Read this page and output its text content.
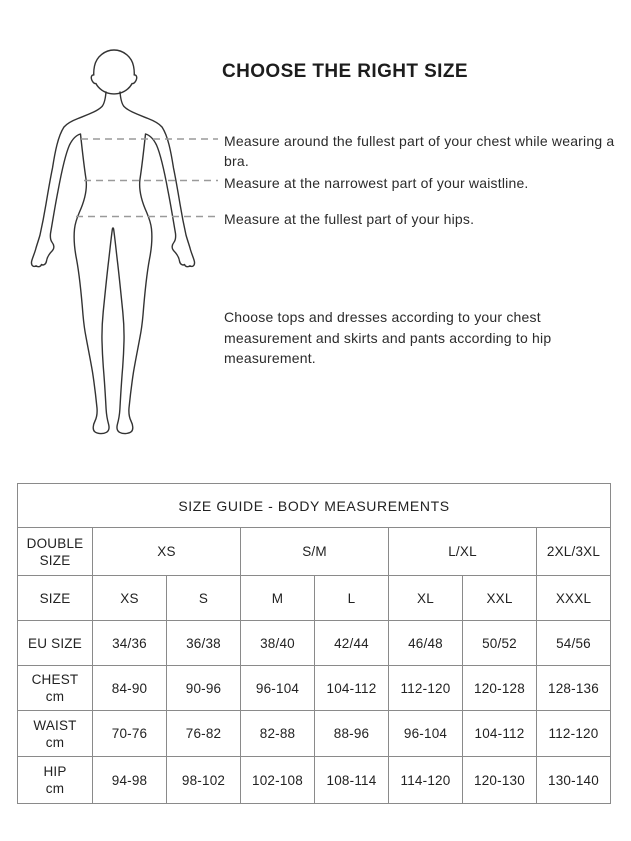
CHOOSE THE RIGHT SIZE

Measure around the fullest part of your chest while wearing a bra.

Measure at the narrowest part of your waistline.

Measure at the fullest part of your hips.

Choose tops and dresses according to your chest measurement and skirts and pants according to hip measurement.

SIZE GUIDE - BODY MEASUREMENTS							
DOUBLE SIZE	XS		S/M		L/XL		2XL/3XL
SIZE	XS	S	M	L	XL	XXL	XXXL
EU SIZE	34/36	36/38	38/40	42/44	46/48	50/52	54/56

CHEST
cm	84-90	90-96	96-104	104-112	112-120	120-128	128-136

WAIST
cm	70-76	76-82	82-88	88-96	96-104	104-112	112-120

HIP
cm	94-98	98-102	102-108	108-114	114-120	120-130	130-140
